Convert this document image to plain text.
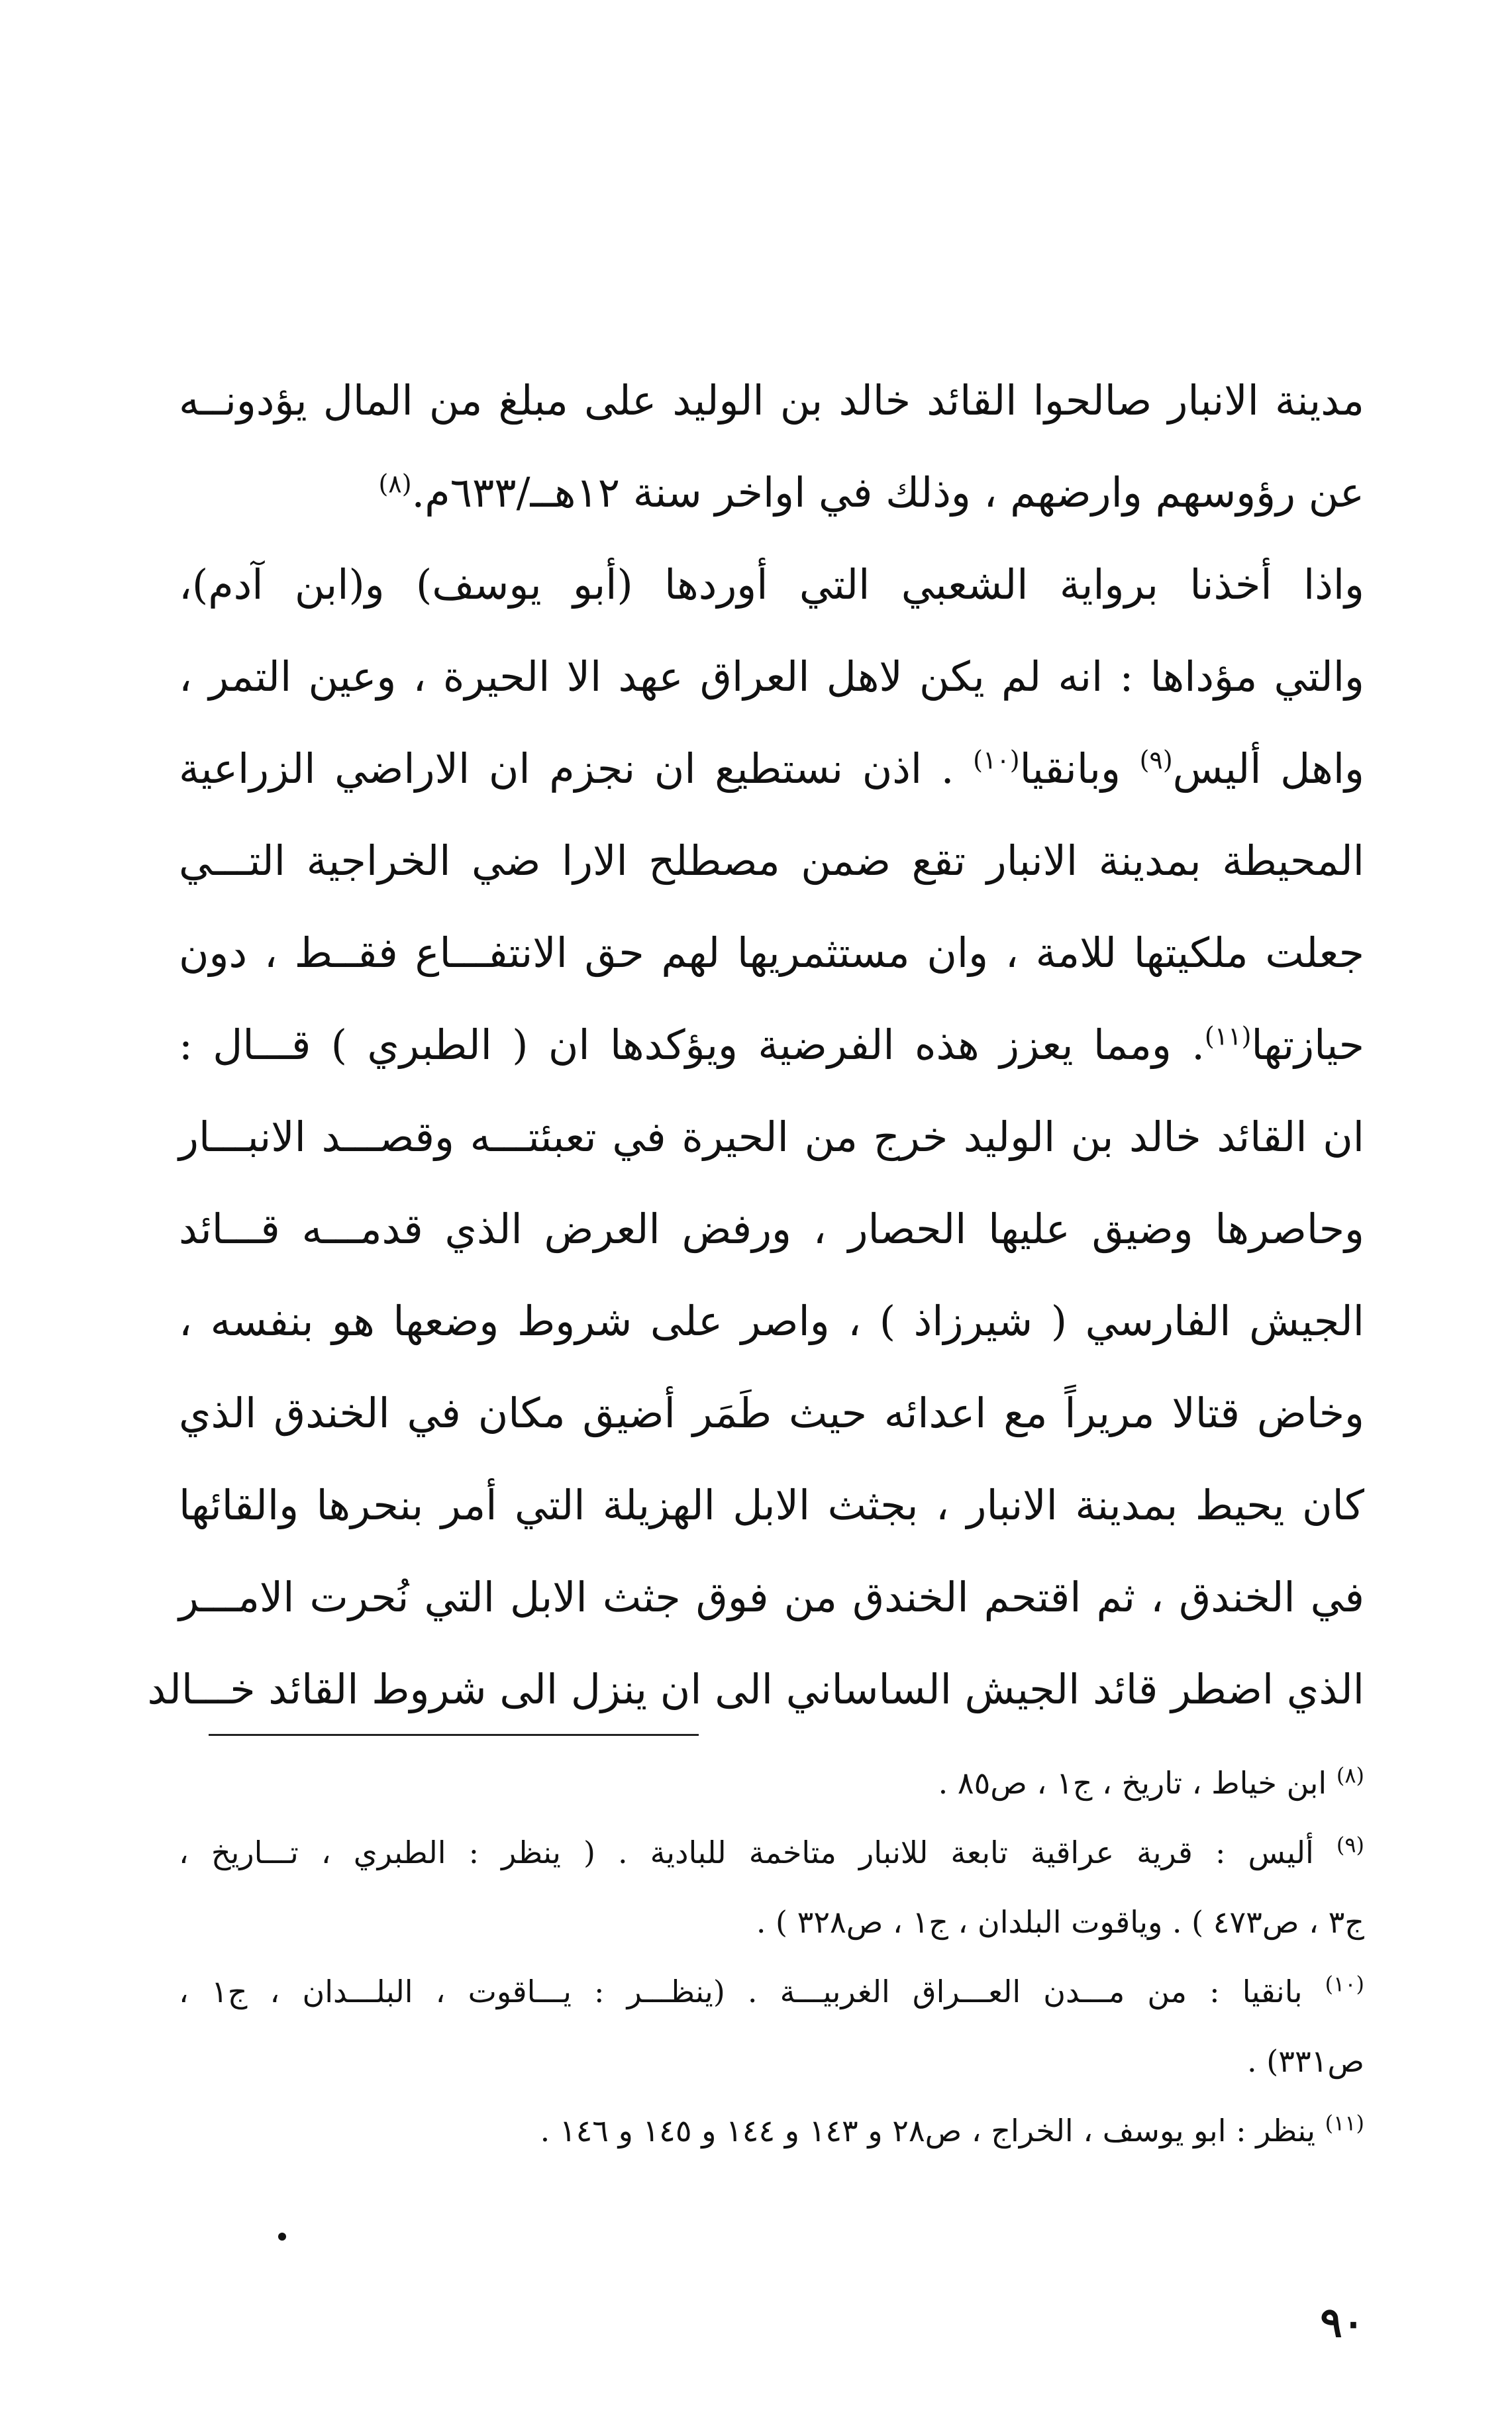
مدينة الانبار صالحوا القائد خالد بن الوليد على مبلغ من المال يؤدونــه
عن رؤوسهم وارضهم ، وذلك في اواخر سنة ١٢هــ/٦٣٣م.$^{(٨)}$
واذا أخذنا برواية الشعبي التي أوردها (أبو يوسف) و(ابن آدم)،
والتي مؤداها : انه لم يكن لاهل العراق عهد الا الحيرة ، وعين التمر ،
واهل أليس$^{(٩)}$ وبانقيا$^{(١٠)}$ . اذن نستطيع ان نجزم ان الاراضي الزراعية
المحيطة بمدينة الانبار تقع ضمن مصطلح الارا ضي الخراجية التـــي
جعلت ملكيتها للامة ، وان مستثمريها لهم حق الانتفـــاع فقــط ، دون
حيازتها$^{(١١)}$. ومما يعزز هذه الفرضية ويؤكدها ان ( الطبري ) قـــال :
ان القائد خالد بن الوليد خرج من الحيرة في تعبئتـــه وقصـــد الانبـــار
وحاصرها وضيق عليها الحصار ، ورفض العرض الذي قدمـــه قـــائد
الجيش الفارسي ( شيرزاذ ) ، واصر على شروط وضعها هو بنفسه ،
وخاض قتالا مريراً مع اعدائه حيث طَمَر أضيق مكان في الخندق الذي
كان يحيط بمدينة الانبار ، بجثث الابل الهزيلة التي أمر بنحرها والقائها
في الخندق ، ثم اقتحم الخندق من فوق جثث الابل التي نُحرت الامـــر
الذي اضطر قائد الجيش الساساني الى ان ينزل الى شروط القائد خـــالد
$^{(٨)}$ ابن خياط ، تاريخ ، ج١ ، ص٨٥ .
$^{(٩)}$ أليس : قرية عراقية تابعة للانبار متاخمة للبادية . ( ينظر : الطبري ، تـــاريخ ،
ج٣ ، ص٤٧٣ ) . وياقوت البلدان ، ج١ ، ص٣٢٨ ) .
$^{(١٠)}$ بانقيا : من مـــدن العـــراق الغربيـــة . (ينظـــر : يـــاقوت ، البلـــدان ، ج١ ،
ص٣٣١) .
$^{(١١)}$ ينظر : ابو يوسف ، الخراج ، ص٢٨ و ١٤٣ و ١٤٤ و ١٤٥ و ١٤٦ .
٩٠
